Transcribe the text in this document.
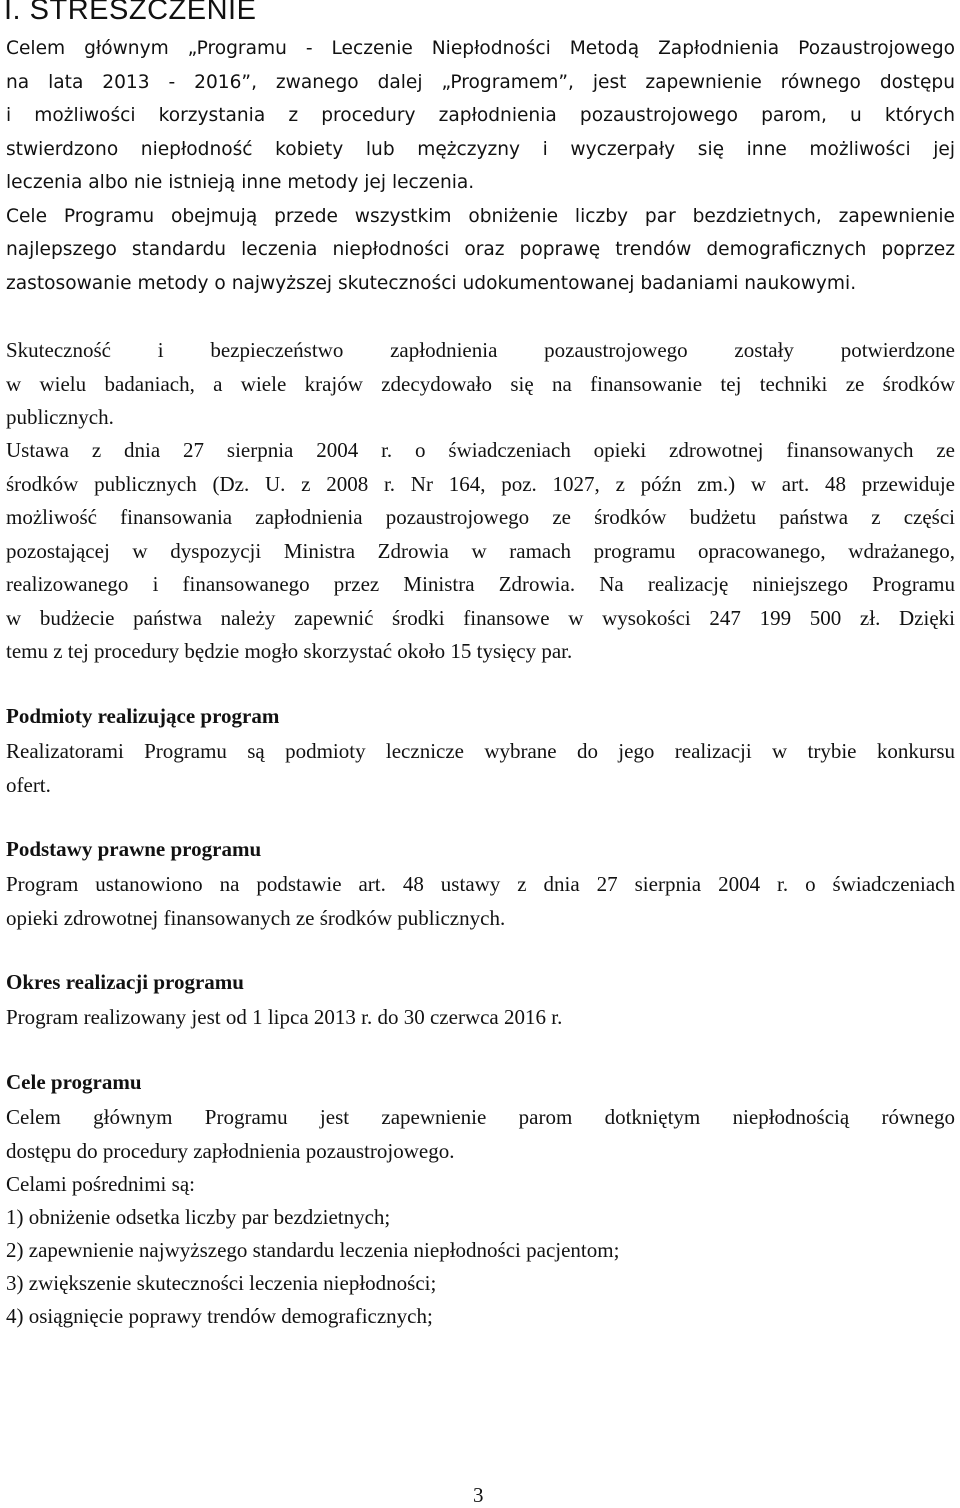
I. STRESZCZENIE
Celem głównym „Programu - Leczenie Niepłodności Metodą Zapłodnienia Pozaustrojowego
na lata 2013 - 2016”, zwanego dalej „Programem”, jest zapewnienie równego dostępu
i możliwości korzystania z procedury zapłodnienia pozaustrojowego parom, u których
stwierdzono niepłodność kobiety lub mężczyzny i wyczerpały się inne możliwości jej
leczenia albo nie istnieją inne metody jej leczenia.
Cele Programu obejmują przede wszystkim obniżenie liczby par bezdzietnych, zapewnienie
najlepszego standardu leczenia niepłodności oraz poprawę trendów demograficznych poprzez
zastosowanie metody o najwyższej skuteczności udokumentowanej badaniami naukowymi.
Skuteczność i bezpieczeństwo zapłodnienia pozaustrojowego zostały potwierdzone
w wielu badaniach, a wiele krajów zdecydowało się na finansowanie tej techniki ze środków
publicznych.
Ustawa z dnia 27 sierpnia 2004 r. o świadczeniach opieki zdrowotnej finansowanych ze
środków publicznych (Dz. U. z 2008 r. Nr 164, poz. 1027, z późn zm.) w art. 48 przewiduje
możliwość finansowania zapłodnienia pozaustrojowego ze środków budżetu państwa z części
pozostającej w dyspozycji Ministra Zdrowia w ramach programu opracowanego, wdrażanego,
realizowanego i finansowanego przez Ministra Zdrowia. Na realizację niniejszego Programu
w budżecie państwa należy zapewnić środki finansowe w wysokości 247 199 500 zł. Dzięki
temu z tej procedury będzie mogło skorzystać około 15 tysięcy par.
Podmioty realizujące program
Realizatorami Programu są podmioty lecznicze wybrane do jego realizacji w trybie konkursu
ofert.
Podstawy prawne programu
Program ustanowiono na podstawie art. 48 ustawy z dnia 27 sierpnia 2004 r. o świadczeniach
opieki zdrowotnej finansowanych ze środków publicznych.
Okres realizacji programu
Program realizowany jest od 1 lipca 2013 r. do 30 czerwca 2016 r.
Cele programu
Celem głównym Programu jest zapewnienie parom dotkniętym niepłodnością równego
dostępu do procedury zapłodnienia pozaustrojowego.
Celami pośrednimi są:
1) obniżenie odsetka liczby par bezdzietnych;
2) zapewnienie najwyższego standardu leczenia niepłodności pacjentom;
3) zwiększenie skuteczności leczenia niepłodności;
4) osiągnięcie poprawy trendów demograficznych;
3
